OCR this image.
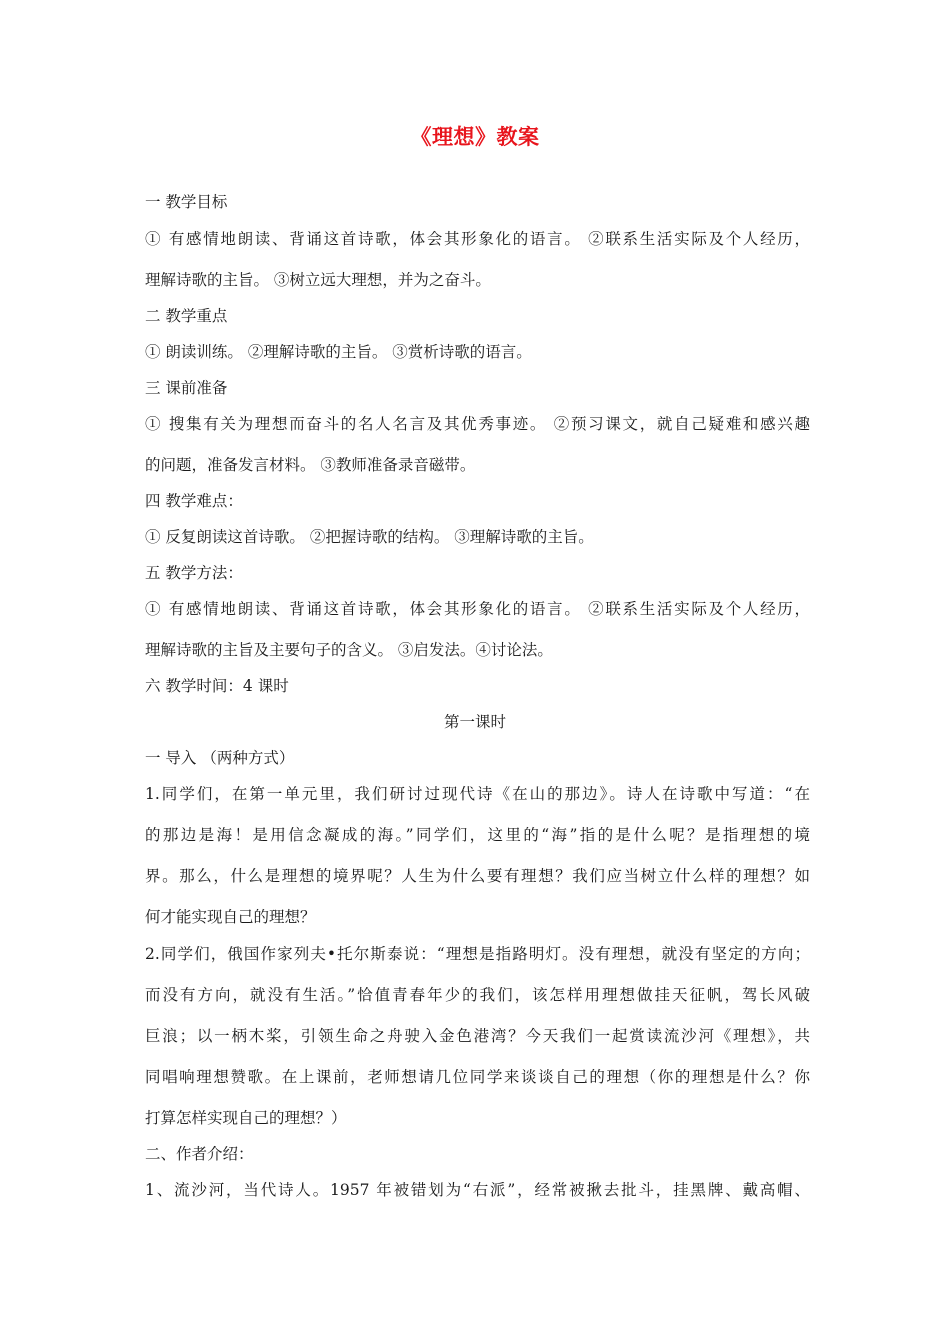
《理想》教案
一 教学目标
① 有感情地朗读、背诵这首诗歌，体会其形象化的语言。 ②联系生活实际及个人经历，
理解诗歌的主旨。 ③树立远大理想，并为之奋斗。
二 教学重点
① 朗读训练。 ②理解诗歌的主旨。 ③赏析诗歌的语言。
三 课前准备
① 搜集有关为理想而奋斗的名人名言及其优秀事迹。 ②预习课文，就自己疑难和感兴趣
的问题，准备发言材料。 ③教师准备录音磁带。
四 教学难点：
① 反复朗读这首诗歌。 ②把握诗歌的结构。 ③理解诗歌的主旨。
五 教学方法：
① 有感情地朗读、背诵这首诗歌，体会其形象化的语言。 ②联系生活实际及个人经历，
理解诗歌的主旨及主要句子的含义。 ③启发法。④讨论法。
六 教学时间：4 课时
第一课时
一 导入 （两种方式）
1.同学们，在第一单元里，我们研讨过现代诗《在山的那边》。诗人在诗歌中写道：“在
的那边是海！是用信念凝成的海。”同学们，这里的“海”指的是什么呢？是指理想的境
界。那么，什么是理想的境界呢？人生为什么要有理想？我们应当树立什么样的理想？如
何才能实现自己的理想？
2.同学们，俄国作家列夫•托尔斯泰说：“理想是指路明灯。没有理想，就没有坚定的方向；
而没有方向，就没有生活。”恰值青春年少的我们，该怎样用理想做挂天征帆，驾长风破
巨浪；以一柄木桨，引领生命之舟驶入金色港湾？今天我们一起赏读流沙河《理想》，共
同唱响理想赞歌。在上课前，老师想请几位同学来谈谈自己的理想（你的理想是什么？你
打算怎样实现自己的理想？）
二、作者介绍：
1、流沙河，当代诗人。1957 年被错划为“右派”，经常被揪去批斗，挂黑牌、戴高帽、
